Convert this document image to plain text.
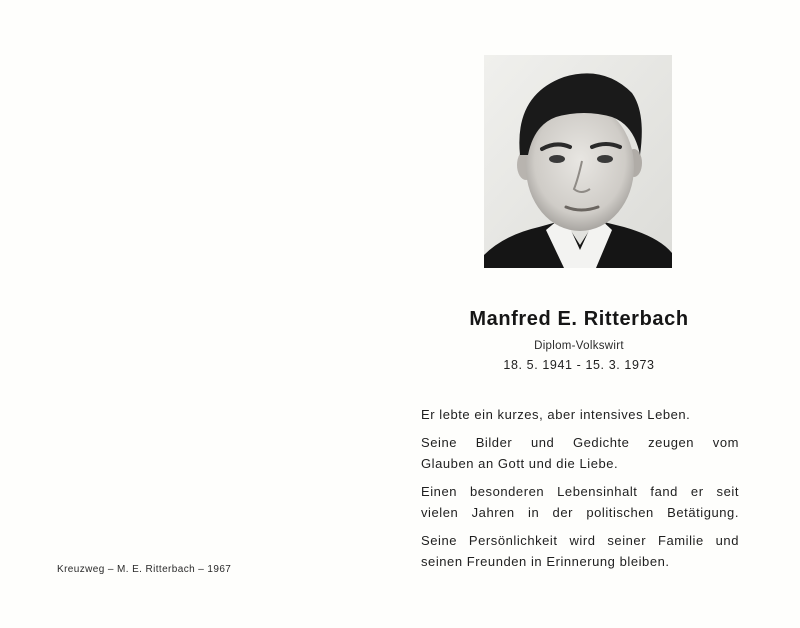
Manfred E. Ritterbach
Diplom-Volkswirt
18. 5. 1941 - 15. 3. 1973

Er lebte ein kurzes, aber intensives Leben.

Seine Bilder und Gedichte zeugen vom
Glauben an Gott und die Liebe.

Einen besonderen Lebensinhalt fand er seit
vielen Jahren in der politischen Betätigung.

Seine Persönlichkeit wird seiner Familie und
seinen Freunden in Erinnerung bleiben.

Kreuzweg – M. E. Ritterbach – 1967
